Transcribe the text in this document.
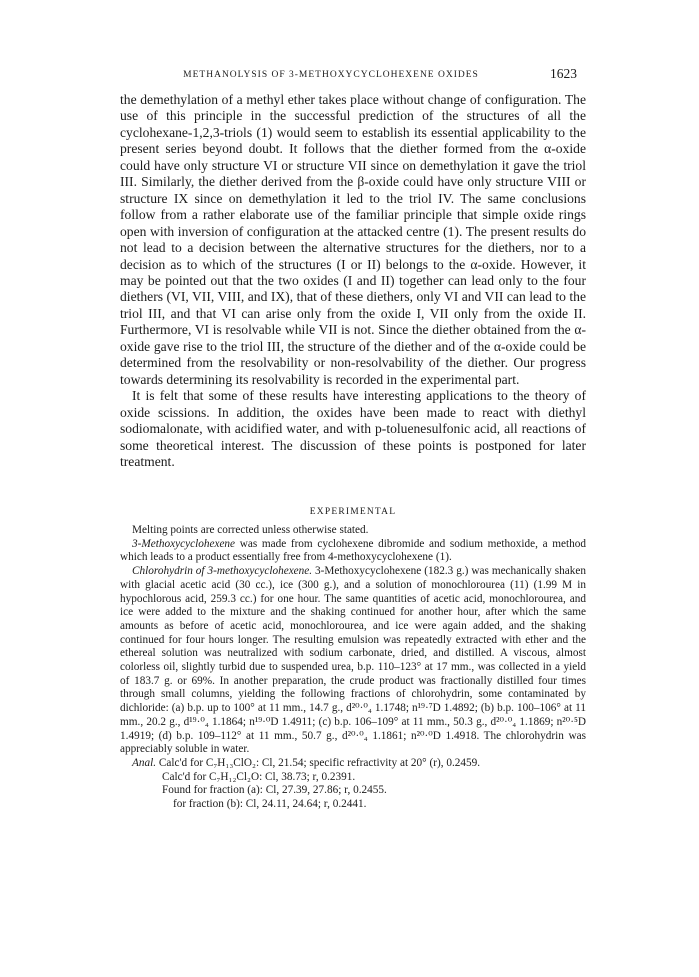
METHANOLYSIS OF 3-METHOXYCYCLOHEXENE OXIDES	1623

the demethylation of a methyl ether takes place without change of configuration. The use of this principle in the successful prediction of the structures of all the cyclohexane-1,2,3-triols (1) would seem to establish its essential applicability to the present series beyond doubt. It follows that the diether formed from the α-oxide could have only structure VI or structure VII since on demethylation it gave the triol III. Similarly, the diether derived from the β-oxide could have only structure VIII or structure IX since on demethylation it led to the triol IV. The same conclusions follow from a rather elaborate use of the familiar principle that simple oxide rings open with inversion of configuration at the attacked centre (1). The present results do not lead to a decision between the alternative structures for the diethers, nor to a decision as to which of the structures (I or II) belongs to the α-oxide. However, it may be pointed out that the two oxides (I and II) together can lead only to the four diethers (VI, VII, VIII, and IX), that of these diethers, only VI and VII can lead to the triol III, and that VI can arise only from the oxide I, VII only from the oxide II. Furthermore, VI is resolvable while VII is not. Since the diether obtained from the α-oxide gave rise to the triol III, the structure of the diether and of the α-oxide could be determined from the resolvability or non-resolvability of the diether. Our progress towards determining its resolvability is recorded in the experimental part.

It is felt that some of these results have interesting applications to the theory of oxide scissions. In addition, the oxides have been made to react with diethyl sodiomalonate, with acidified water, and with p-toluenesulfonic acid, all reactions of some theoretical interest. The discussion of these points is postponed for later treatment.

EXPERIMENTAL

Melting points are corrected unless otherwise stated.

3-Methoxycyclohexene was made from cyclohexene dibromide and sodium methoxide, a method which leads to a product essentially free from 4-methoxycyclohexene (1).

Chlorohydrin of 3-methoxycyclohexene. 3-Methoxycyclohexene (182.3 g.) was mechanically shaken with glacial acetic acid (30 cc.), ice (300 g.), and a solution of monochlorourea (11) (1.99 M in hypochlorous acid, 259.3 cc.) for one hour. The same quantities of acetic acid, monochlorourea, and ice were added to the mixture and the shaking continued for another hour, after which the same amounts as before of acetic acid, monochlorourea, and ice were again added, and the shaking continued for four hours longer. The resulting emulsion was repeatedly extracted with ether and the ethereal solution was neutralized with sodium carbonate, dried, and distilled. A viscous, almost colorless oil, slightly turbid due to suspended urea, b.p. 110–123° at 17 mm., was collected in a yield of 183.7 g. or 69%. In another preparation, the crude product was fractionally distilled four times through small columns, yielding the following fractions of chlorohydrin, some contaminated by dichloride: (a) b.p. up to 100° at 11 mm., 14.7 g., d²⁰·⁰₄ 1.1748; n¹⁹·⁷D 1.4892; (b) b.p. 100–106° at 11 mm., 20.2 g., d¹⁹·⁰₄ 1.1864; n¹⁹·⁰D 1.4911; (c) b.p. 106–109° at 11 mm., 50.3 g., d²⁰·⁰₄ 1.1869; n²⁰·⁵D 1.4919; (d) b.p. 109–112° at 11 mm., 50.7 g., d²⁰·⁰₄ 1.1861; n²⁰·⁰D 1.4918. The chlorohydrin was appreciably soluble in water.

Anal. Calc'd for C₇H₁₃ClO₂: Cl, 21.54; specific refractivity at 20° (r), 0.2459.
Calc'd for C₇H₁₂Cl₂O: Cl, 38.73; r, 0.2391.
Found for fraction (a): Cl, 27.39, 27.86; r, 0.2455.
for fraction (b): Cl, 24.11, 24.64; r, 0.2441.
